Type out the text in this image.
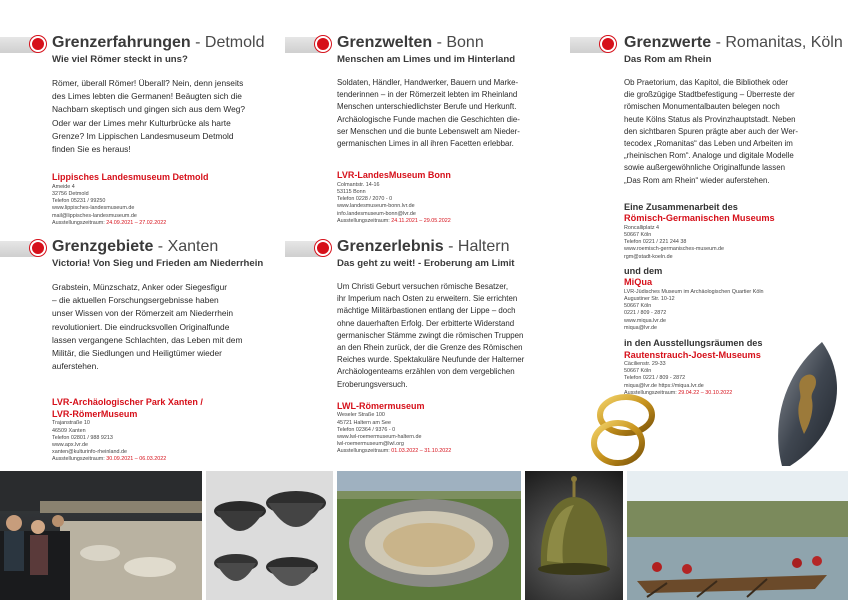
Grenzerfahrungen - Detmold
Wie viel Römer steckt in uns?

Römer, überall Römer! Überall? Nein, denn jenseits

des Limes lebten die Germanen! Beäugten sich die

Nachbarn skeptisch und gingen sich aus dem Weg?

Oder war der Limes mehr Kulturbrücke als harte

Grenze? Im Lippischen Landesmuseum Detmold

finden Sie es heraus!

Lippisches Landesmuseum Detmold
Ameide 4
32756 Detmold
Telefon 05231 / 99250
www.lippisches-landesmuseum.de
mail@lippisches-landesmuseum.de
Ausstellungszeitraum: 24.09.2021 – 27.02.2022
Grenzwelten - Bonn
Menschen am Limes und im Hinterland

Soldaten, Händler, Handwerker, Bauern und Marke-

tenderinnen – in der Römerzeit lebten im Rheinland

Menschen unterschiedlichster Berufe und Herkunft.

Archäologische Funde machen die Geschichten die-

ser Menschen und die bunte Lebenswelt am Nieder-

germanischen Limes in all ihren Facetten erlebbar.

LVR-LandesMuseum Bonn
Colmantstr. 14-16
53115 Bonn
Telefon 0228 / 2070 - 0
www.landesmuseum-bonn.lvr.de
info.landesmuseum-bonn@lvr.de
Ausstellungszeitraum: 24.11.2021 – 29.05.2022
Grenzwerte - Romanitas, Köln
Das Rom am Rhein

Ob Praetorium, das Kapitol, die Bibliothek oder

die großzügige Stadtbefestigung – Überreste der

römischen Monumentalbauten belegen noch

heute Kölns Status als Provinzhauptstadt. Neben

den sichtbaren Spuren prägte aber auch der Wer-

tecodex „Romanitas“ das Leben und Arbeiten im

„rheinischen Rom“. Analoge und digitale Modelle

sowie außergewöhnliche Originalfunde lassen

„Das Rom am Rhein“ wieder auferstehen.

Eine Zusammenarbeit des
Römisch-Germanischen Museums
Roncalliplatz 4
50667 Köln
Telefon 0221 / 221 244 38
www.roemisch-germanisches-museum.de
rgm@stadt-koeln.de
und dem
MiQua
LVR-Jüdisches Museum im Archäologischen Quartier Köln
Augustiner Str. 10-12
50667 Köln
0221 / 809 - 2872
www.miqua.lvr.de
miqua@lvr.de
in den Ausstellungsräumen des
Rautenstrauch-Joest-Museums
Cäcilienstr. 29-33
50667 Köln
Telefon 0221 / 809 - 2872
miqua@lvr.de https://miqua.lvr.de
Ausstellungszeitraum: 29.04.22 – 30.10.2022
Grenzgebiete - Xanten
Victoria! Von Sieg und Frieden am Niederrhein

Grabstein, Münzschatz, Anker oder Siegesfigur

– die aktuellen Forschungsergebnisse haben

unser Wissen von der Römerzeit am Niederrhein

revolutioniert. Die eindrucksvollen Originalfunde

lassen vergangene Schlachten, das Leben mit dem

Militär, die Siedlungen und Heiligtümer wieder

auferstehen.

LVR-Archäologischer Park Xanten /
LVR-RömerMuseum
Trajanstraße 10
46509 Xanten
Telefon 02801 / 988 9213
www.apx.lvr.de
xanten@kulturinfo-rheinland.de
Ausstellungszeitraum: 30.09.2021 – 06.03.2022
Grenzerlebnis - Haltern
Das geht zu weit! - Eroberung am Limit

Um Christi Geburt versuchen römische Besatzer,

ihr Imperium nach Osten zu erweitern. Sie errichten

mächtige Militärbastionen entlang der Lippe – doch

ohne dauerhaften Erfolg. Der erbitterte Widerstand

germanischer Stämme zwingt die römischen Truppen

an den Rhein zurück, der die Grenze des Römischen

Reiches wurde. Spektakuläre Neufunde der Halterner

Archäologenteams erzählen von dem vergeblichen

Eroberungsversuch.

LWL-Römermuseum
Weseler Straße 100
45721 Haltern am See
Telefon 02364 / 9376 - 0
www.lwl-roemermuseum-haltern.de
lwl-roemermuseum@lwl.org
Ausstellungszeitraum: 01.03.2022 – 31.10.2022
